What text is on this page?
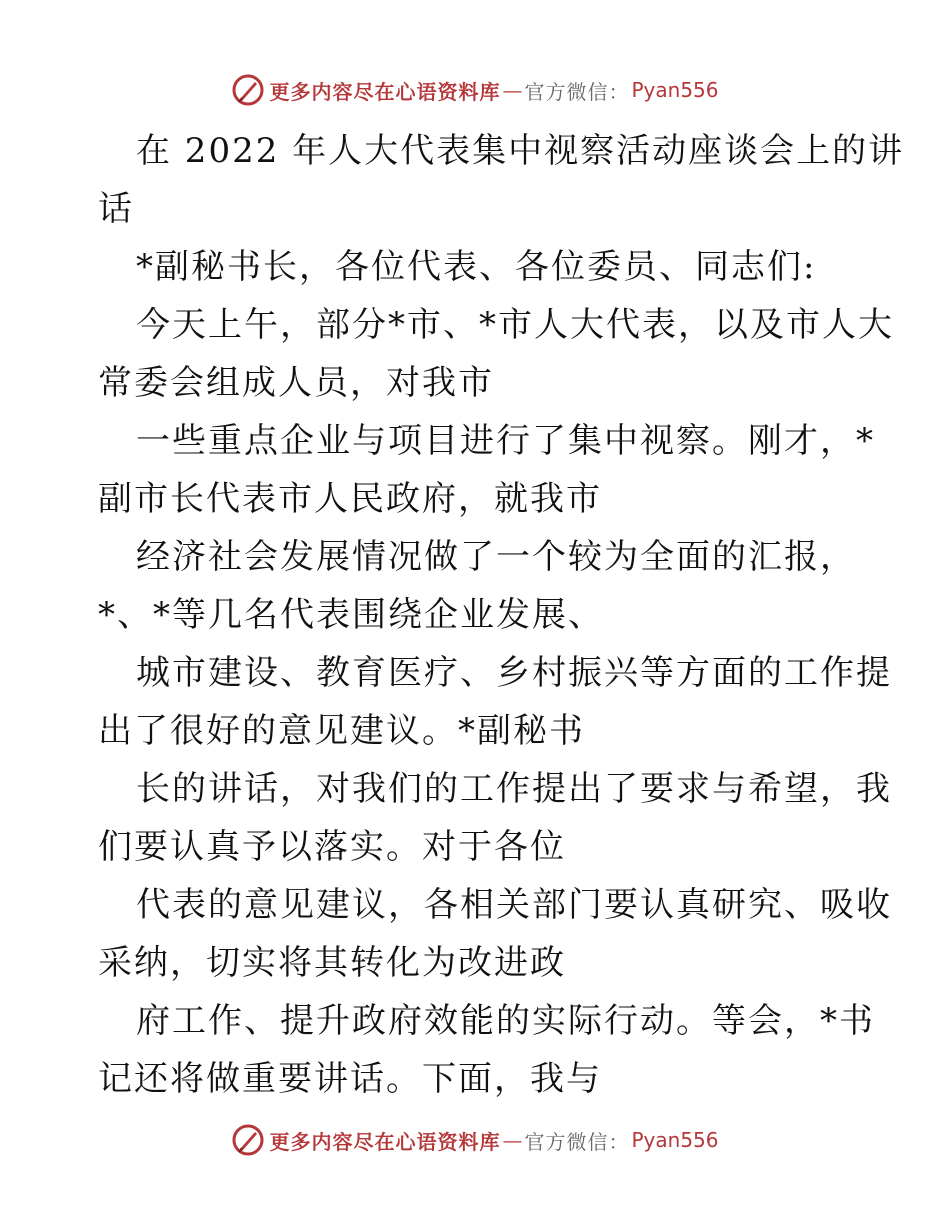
更多内容尽在心语资料库 — 官方微信： Pyan556
在 2022 年人大代表集中视察活动座谈会上的讲
话
*副秘书长，各位代表、各位委员、同志们:
今天上午，部分*市、*市人大代表，以及市人大
常委会组成人员，对我市
一些重点企业与项目进行了集中视察。刚才，*
副市长代表市人民政府，就我市
经济社会发展情况做了一个较为全面的汇报，
*、*等几名代表围绕企业发展、
城市建设、教育医疗、乡村振兴等方面的工作提
出了很好的意见建议。*副秘书
长的讲话，对我们的工作提出了要求与希望，我
们要认真予以落实。对于各位
代表的意见建议，各相关部门要认真研究、吸收
采纳，切实将其转化为改进政
府工作、提升政府效能的实际行动。等会，*书
记还将做重要讲话。下面，我与
更多内容尽在心语资料库 — 官方微信： Pyan556
